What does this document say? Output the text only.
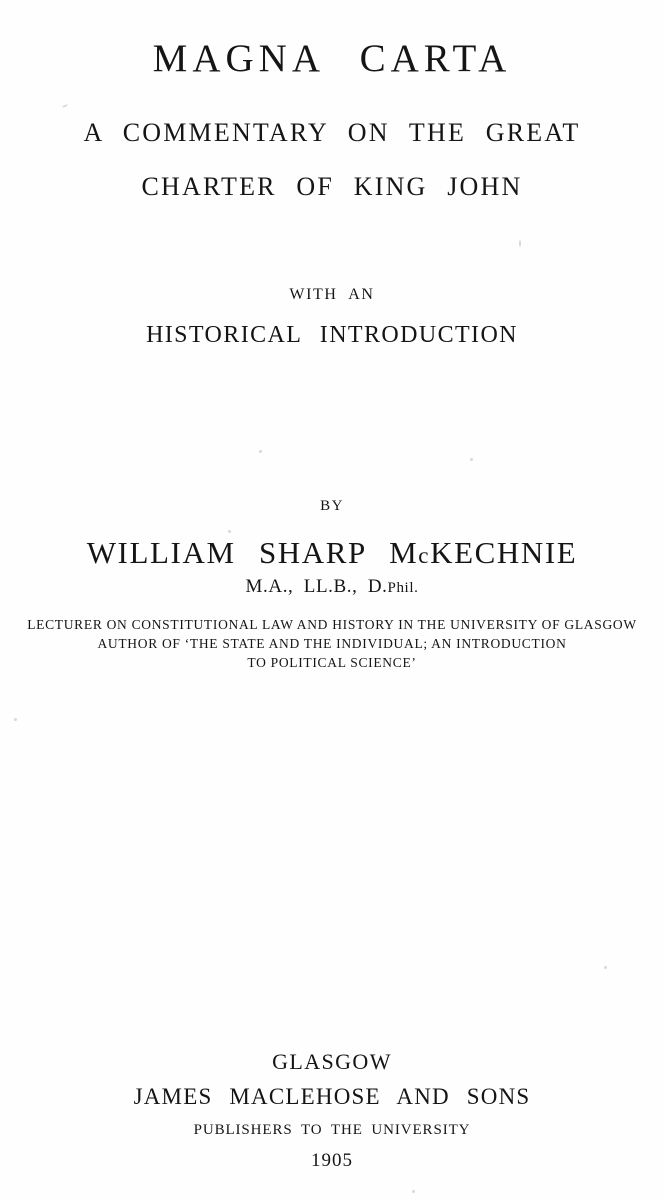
MAGNA CARTA
A COMMENTARY ON THE GREAT
CHARTER OF KING JOHN
WITH AN
HISTORICAL INTRODUCTION
BY
WILLIAM SHARP McKECHNIE
M.A., LL.B., D.Phil.
LECTURER ON CONSTITUTIONAL LAW AND HISTORY IN THE UNIVERSITY OF GLASGOW
AUTHOR OF ‘THE STATE AND THE INDIVIDUAL; AN INTRODUCTION
TO POLITICAL SCIENCE’
GLASGOW
JAMES MACLEHOSE AND SONS
PUBLISHERS TO THE UNIVERSITY
1905
